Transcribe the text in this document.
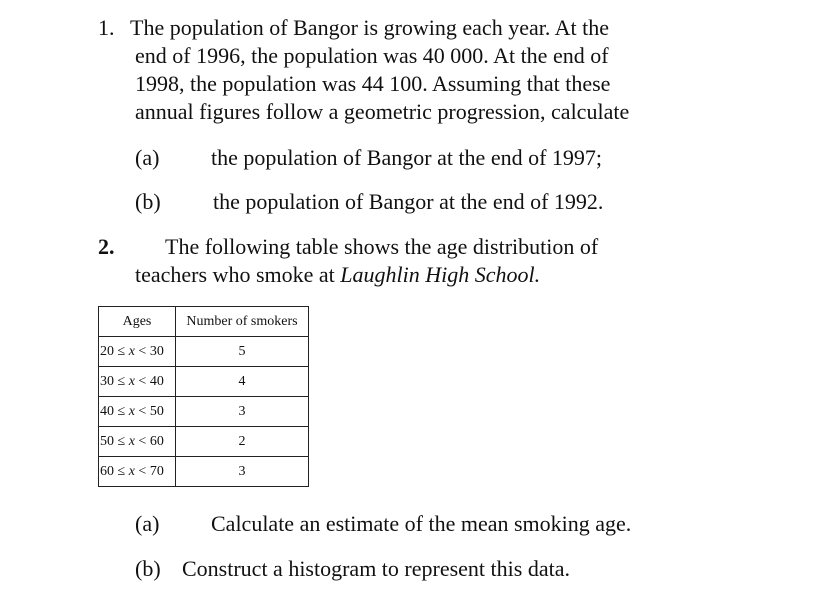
1. The population of Bangor is growing each year. At the
end of 1996, the population was 40 000. At the end of
1998, the population was 44 100. Assuming that these
annual figures follow a geometric progression, calculate
(a) the population of Bangor at the end of 1997;
(b) the population of Bangor at the end of 1992.
2. The following table shows the age distribution of
teachers who smoke at Laughlin High School.
Ages	Number of smokers
20 ≤ x < 30	5
30 ≤ x < 40	4
40 ≤ x < 50	3
50 ≤ x < 60	2
60 ≤ x < 70	3
(a) Calculate an estimate of the mean smoking age.
(b) Construct a histogram to represent this data.
